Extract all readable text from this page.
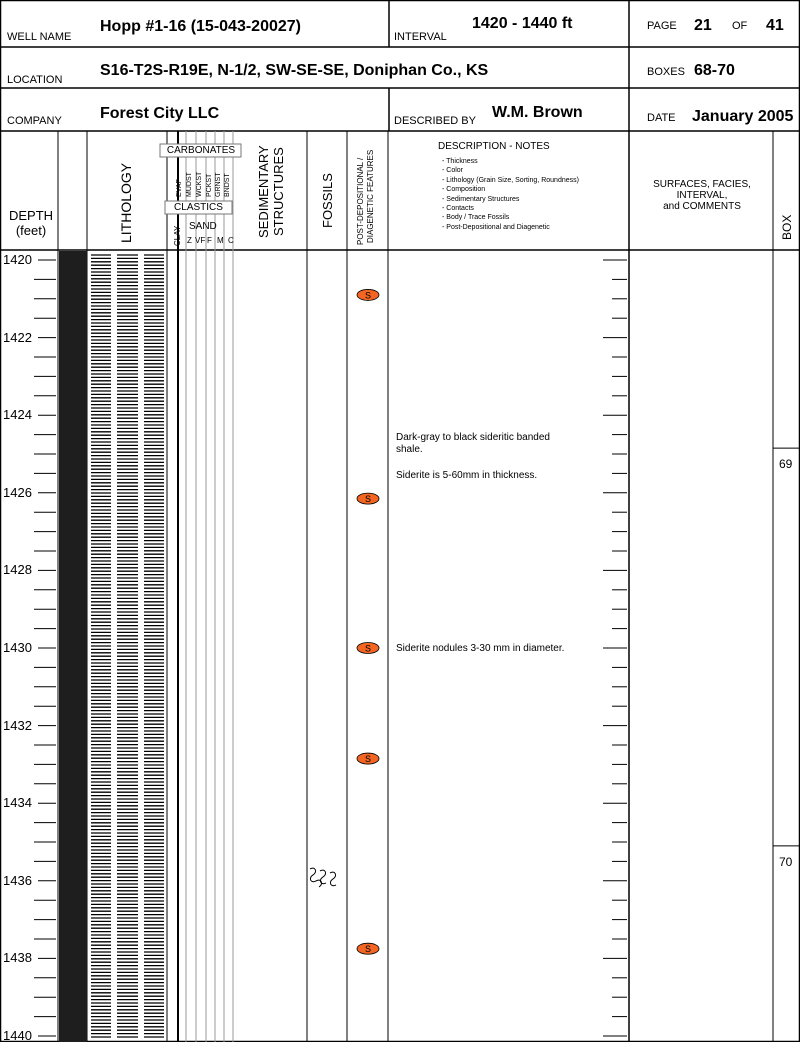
WELL NAME
Hopp #1-16 (15-043-20027)
INTERVAL
1420 - 1440 ft	PAGE 21 OF 41
LOCATION
S16-T2S-R19E, N-1/2, SW-SE-SE, Doniphan Co., KS	BOXES 68-70
COMPANY Forest City LLC	DESCRIBED BY W.M. Brown	DATE January 2005
DEPTH
(feet)	LITHOLOGY
CARBONATES
CLASTICS
CLAY SAND	SEDIMENTARY STRUCTURES	FOSSILS	POST-DEPOSITIONAL / DIAGENETIC FEATURES
DESCRIPTION - NOTES
- Thickness
- Color
- Lithology (Grain Size, Sorting, Roundness)
- Composition
- Sedimentary Structures
- Contacts
- Body / Trace Fossils
- Post-Depositional and Diagenetic
SURFACES, FACIES,
INTERVAL,
and COMMENTS
BOX
S
S
S
S
S
EVAP MUDST WCKST PCKST GRNST BNDST
Z VF F M C
1420
1422
1424
1426
1428
1430
1432
1434
1436
1438
1440
69
70
Dark-gray to black sideritic banded
shale.
Siderite is 5-60mm in thickness.
Siderite nodules 3-30 mm in diameter.
